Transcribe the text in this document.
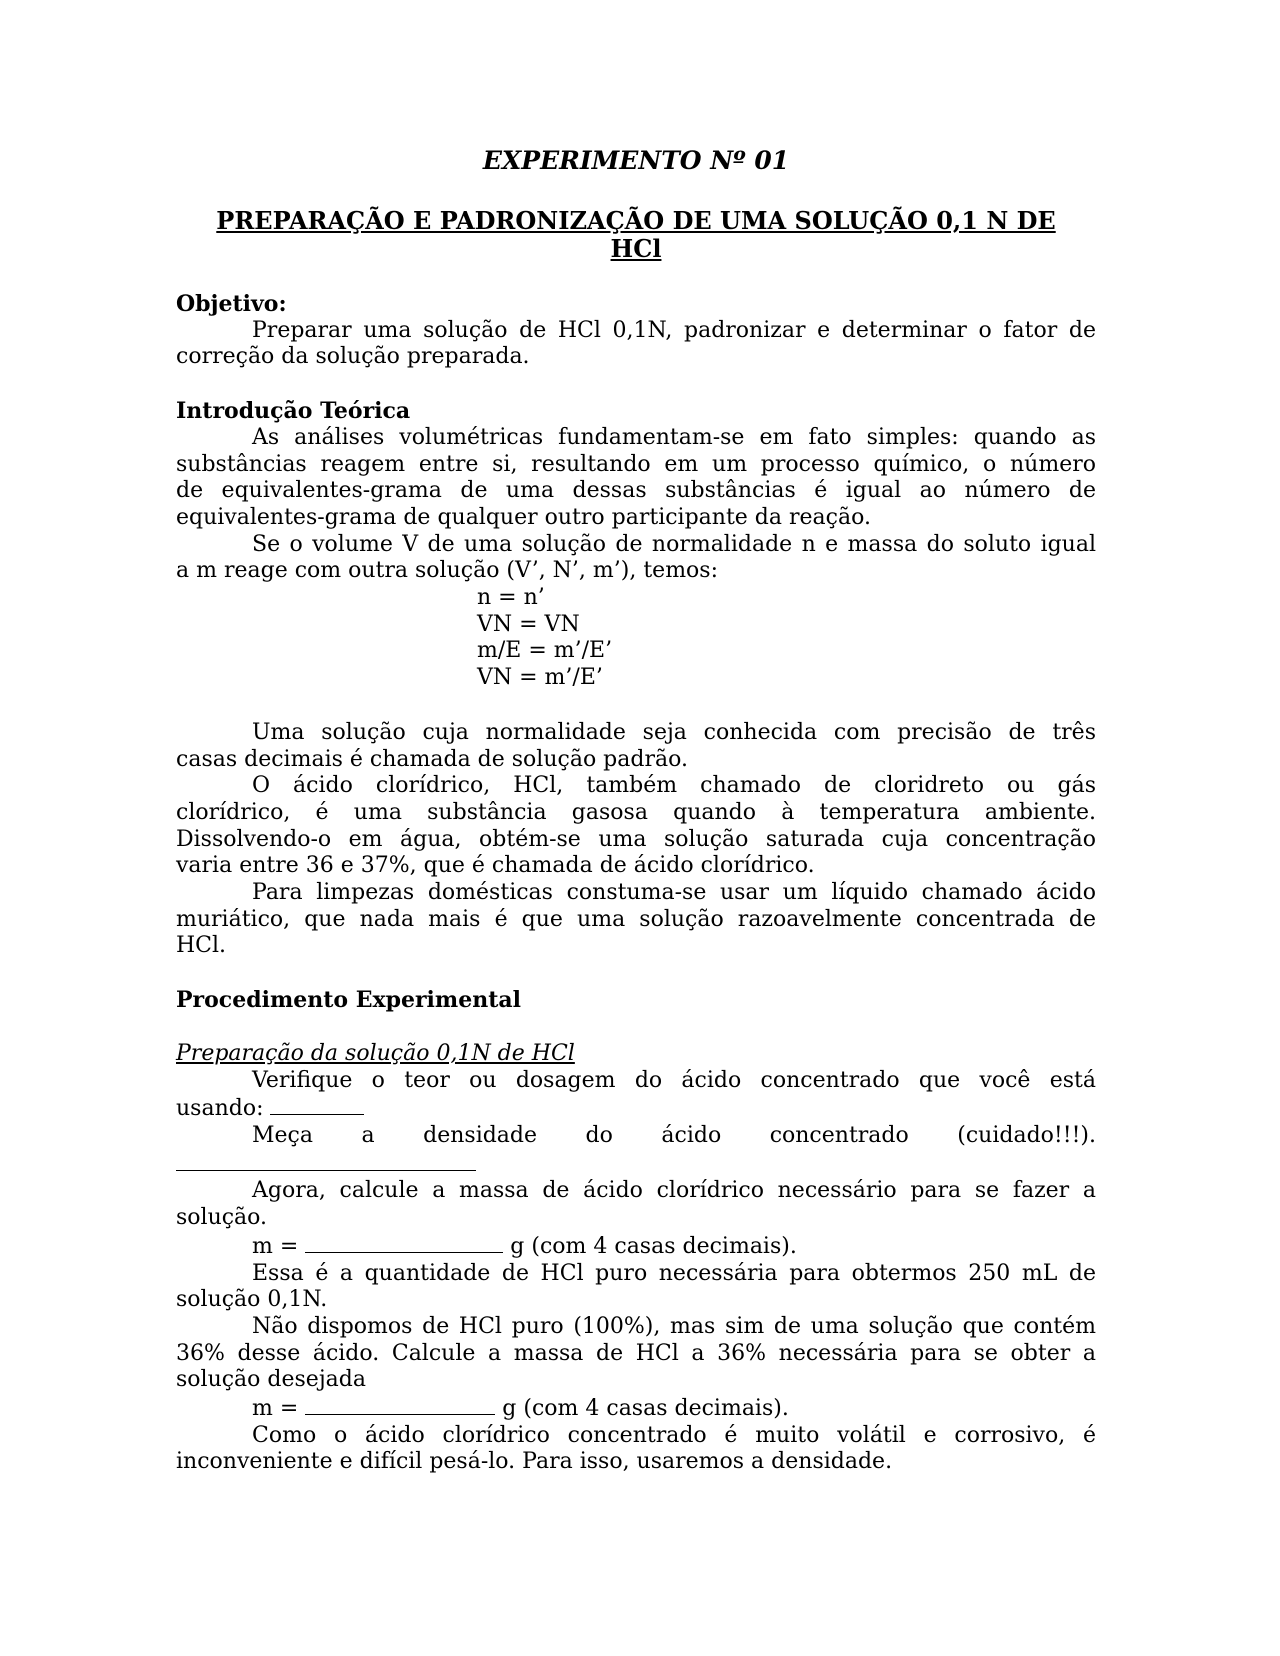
EXPERIMENTO Nº 01

PREPARAÇÃO E PADRONIZAÇÃO DE UMA SOLUÇÃO 0,1 N DE
HCl

Objetivo:

Preparar uma solução de HCl 0,1N, padronizar e determinar o fator de

correção da solução preparada.

Introdução Teórica

As análises volumétricas fundamentam-se em fato simples: quando as

substâncias reagem entre si, resultando em um processo químico, o número

de equivalentes-grama de uma dessas substâncias é igual ao número de

equivalentes-grama de qualquer outro participante da reação.

Se o volume V de uma solução de normalidade n e massa do soluto igual

a m reage com outra solução (V’, N’, m’), temos:

n = n’

VN = VN

m/E = m’/E’

VN = m’/E’

Uma solução cuja normalidade seja conhecida com precisão de três

casas decimais é chamada de solução padrão.

O ácido clorídrico, HCl, também chamado de cloridreto ou gás

clorídrico, é uma substância gasosa quando à temperatura ambiente.

Dissolvendo-o em água, obtém-se uma solução saturada cuja concentração

varia entre 36 e 37%, que é chamada de ácido clorídrico.

Para limpezas domésticas constuma-se usar um líquido chamado ácido

muriático, que nada mais é que uma solução razoavelmente concentrada de

HCl.

Procedimento Experimental

Preparação da solução 0,1N de HCl

Verifique o teor ou dosagem do ácido concentrado que você está

usando:

Meça a densidade do ácido concentrado (cuidado!!!).

Agora, calcule a massa de ácido clorídrico necessário para se fazer a

solução.

m =	g (com 4 casas decimais).

Essa é a quantidade de HCl puro necessária para obtermos 250 mL de

solução 0,1N.

Não dispomos de HCl puro (100%), mas sim de uma solução que contém

36% desse ácido. Calcule a massa de HCl a 36% necessária para se obter a

solução desejada

m =	g (com 4 casas decimais).

Como o ácido clorídrico concentrado é muito volátil e corrosivo, é

inconveniente e difícil pesá-lo. Para isso, usaremos a densidade.
